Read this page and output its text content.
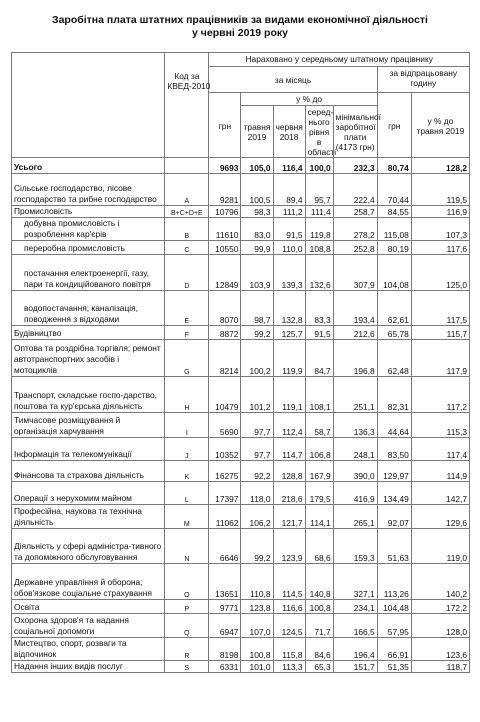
Заробітна плата штатних працівників за видами економічної діяльності
у червні 2019 року
	Код за КВЕД-2010	Нараховано у середньому штатному працівнику						
		за місяць					за відпрацьовану годину	
		грн	у % до				грн	у % до травня 2019
			травня 2019	червня 2018	серед-нього рівня в області	мінімальної заробітної плати (4173 грн)		
Усього		9693	105,0	116,4	100,0	232,3	80,74	128,2
Сільське господарство, лісове господарство та рибне господарство	A	9281	100,5	89,4	95,7	222,4	70,44	119,5
Промисловість	B+C+D+E	10796	98,3	111,2	111,4	258,7	84,55	116,9
добувна промисловість і розроблення кар'єрів	B	11610	83,0	91,5	119,8	278,2	115,08	107,3
переробна промисловість	C	10550	99,9	110,0	108,8	252,8	80,19	117,6
постачання електроенергії, газу, пари та кондиційованого повітря	D	12849	103,9	139,3	132,6	307,9	104,08	125,0
водопостачання; каналізація, поводження з відходами	E	8070	98,7	132,8	83,3	193,4	62,61	117,5
Будівництво	F	8872	99,2	125,7	91,5	212,6	65,78	115,7
Оптова та роздрібна торгівля; ремонт автотранспортних засобів і мотоциклів	G	8214	100,2	119,9	84,7	196,8	62,48	117,9
Транспорт, складське госпо-дарство, поштова та кур'єрська діяльність	H	10479	101,2	119,1	108,1	251,1	82,31	117,2
Тимчасове розміщування й організація харчування	I	5690	97,7	112,4	58,7	136,3	44,64	115,3
Інформація та телекомунікації	J	10352	97,7	114,7	106,8	248,1	83,50	117,4
Фінансова та страхова діяльність	K	16275	92,2	128,8	167,9	390,0	129,97	114,9
Операції з нерухомим майном	L	17397	118,0	218,6	179,5	416,9	134,49	142,7
Професійна, наукова та технічна діяльність	M	11062	106,2	121,7	114,1	265,1	92,07	129,6
Діяльність у сфері адміністра-тивного та допоміжного обслуговування	N	6646	99,2	123,9	68,6	159,3	51,63	119,0
Державне управління й оборона; обов'язкове соціальне страхування	O	13651	110,8	114,5	140,8	327,1	113,26	140,2
Освіта	P	9771	123,8	116,6	100,8	234,1	104,48	172,2
Охорона здоров'я та надання соціальної допомоги	Q	6947	107,0	124,5	71,7	166,5	57,95	128,0
Мистецтво, спорт, розваги та відпочинок	R	8198	100,8	115,8	84,6	196,4	66,91	123,6
Надання інших видів послуг	S	6331	101,0	113,3	65,3	151,7	51,35	118,7
